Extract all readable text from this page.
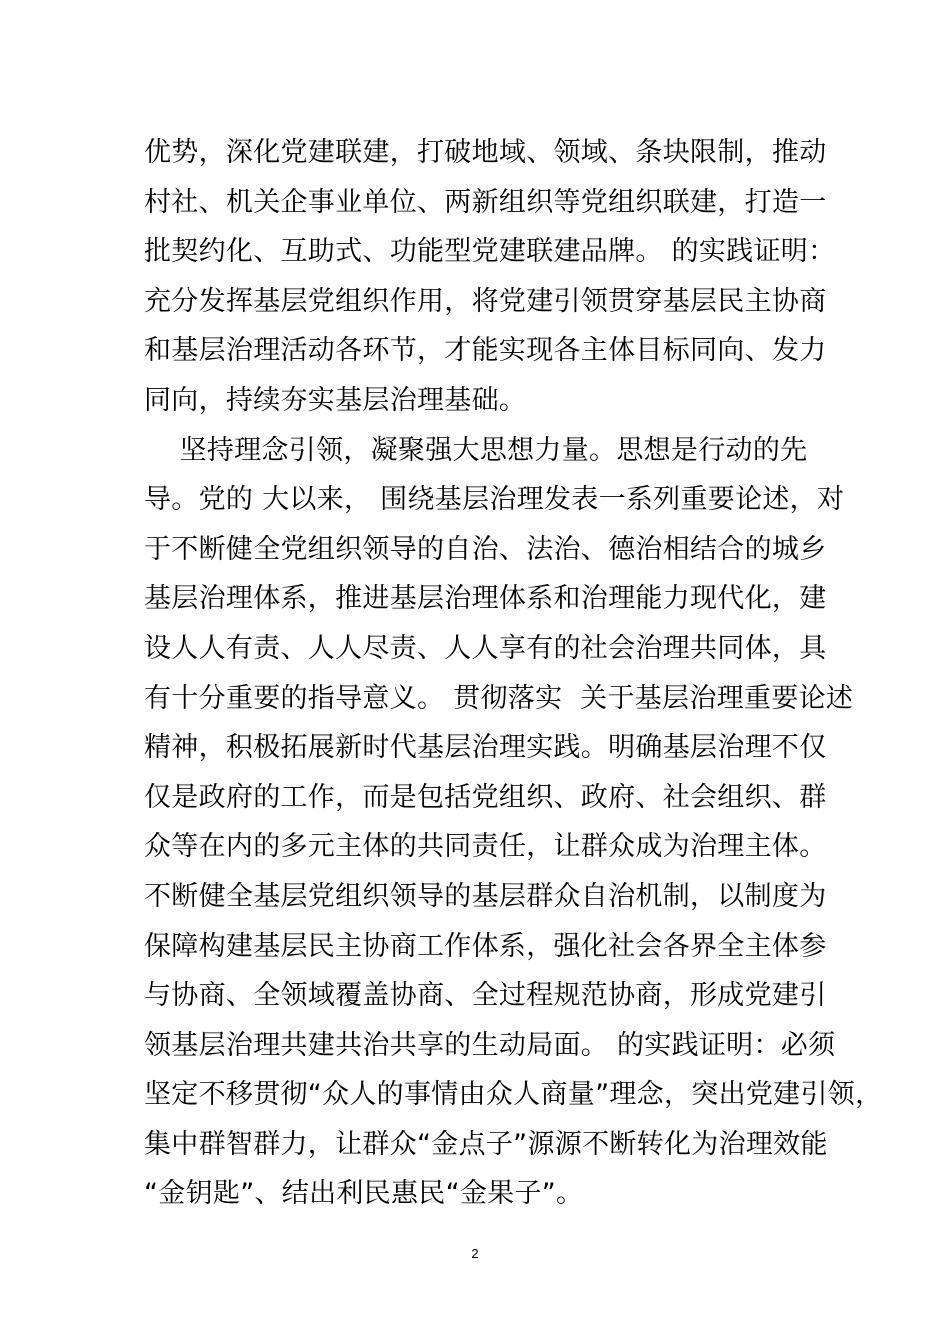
优势，深化党建联建，打破地域、领域、条块限制，推动
村社、机关企事业单位、两新组织等党组织联建，打造一
批契约化、互助式、功能型党建联建品牌。 的实践证明：
充分发挥基层党组织作用，将党建引领贯穿基层民主协商
和基层治理活动各环节，才能实现各主体目标同向、发力
同向，持续夯实基层治理基础。
坚持理念引领，凝聚强大思想力量。思想是行动的先
导。党的 大以来， 围绕基层治理发表一系列重要论述，对
于不断健全党组织领导的自治、法治、德治相结合的城乡
基层治理体系，推进基层治理体系和治理能力现代化，建
设人人有责、人人尽责、人人享有的社会治理共同体，具
有十分重要的指导意义。 贯彻落实  关于基层治理重要论述
精神，积极拓展新时代基层治理实践。明确基层治理不仅
仅是政府的工作，而是包括党组织、政府、社会组织、群
众等在内的多元主体的共同责任，让群众成为治理主体。
不断健全基层党组织领导的基层群众自治机制，以制度为
保障构建基层民主协商工作体系，强化社会各界全主体参
与协商、全领域覆盖协商、全过程规范协商，形成党建引
领基层治理共建共治共享的生动局面。 的实践证明：必须
坚定不移贯彻“众人的事情由众人商量”理念，突出党建引领，
集中群智群力，让群众“金点子”源源不断转化为治理效能
“金钥匙”、结出利民惠民“金果子”。
2
